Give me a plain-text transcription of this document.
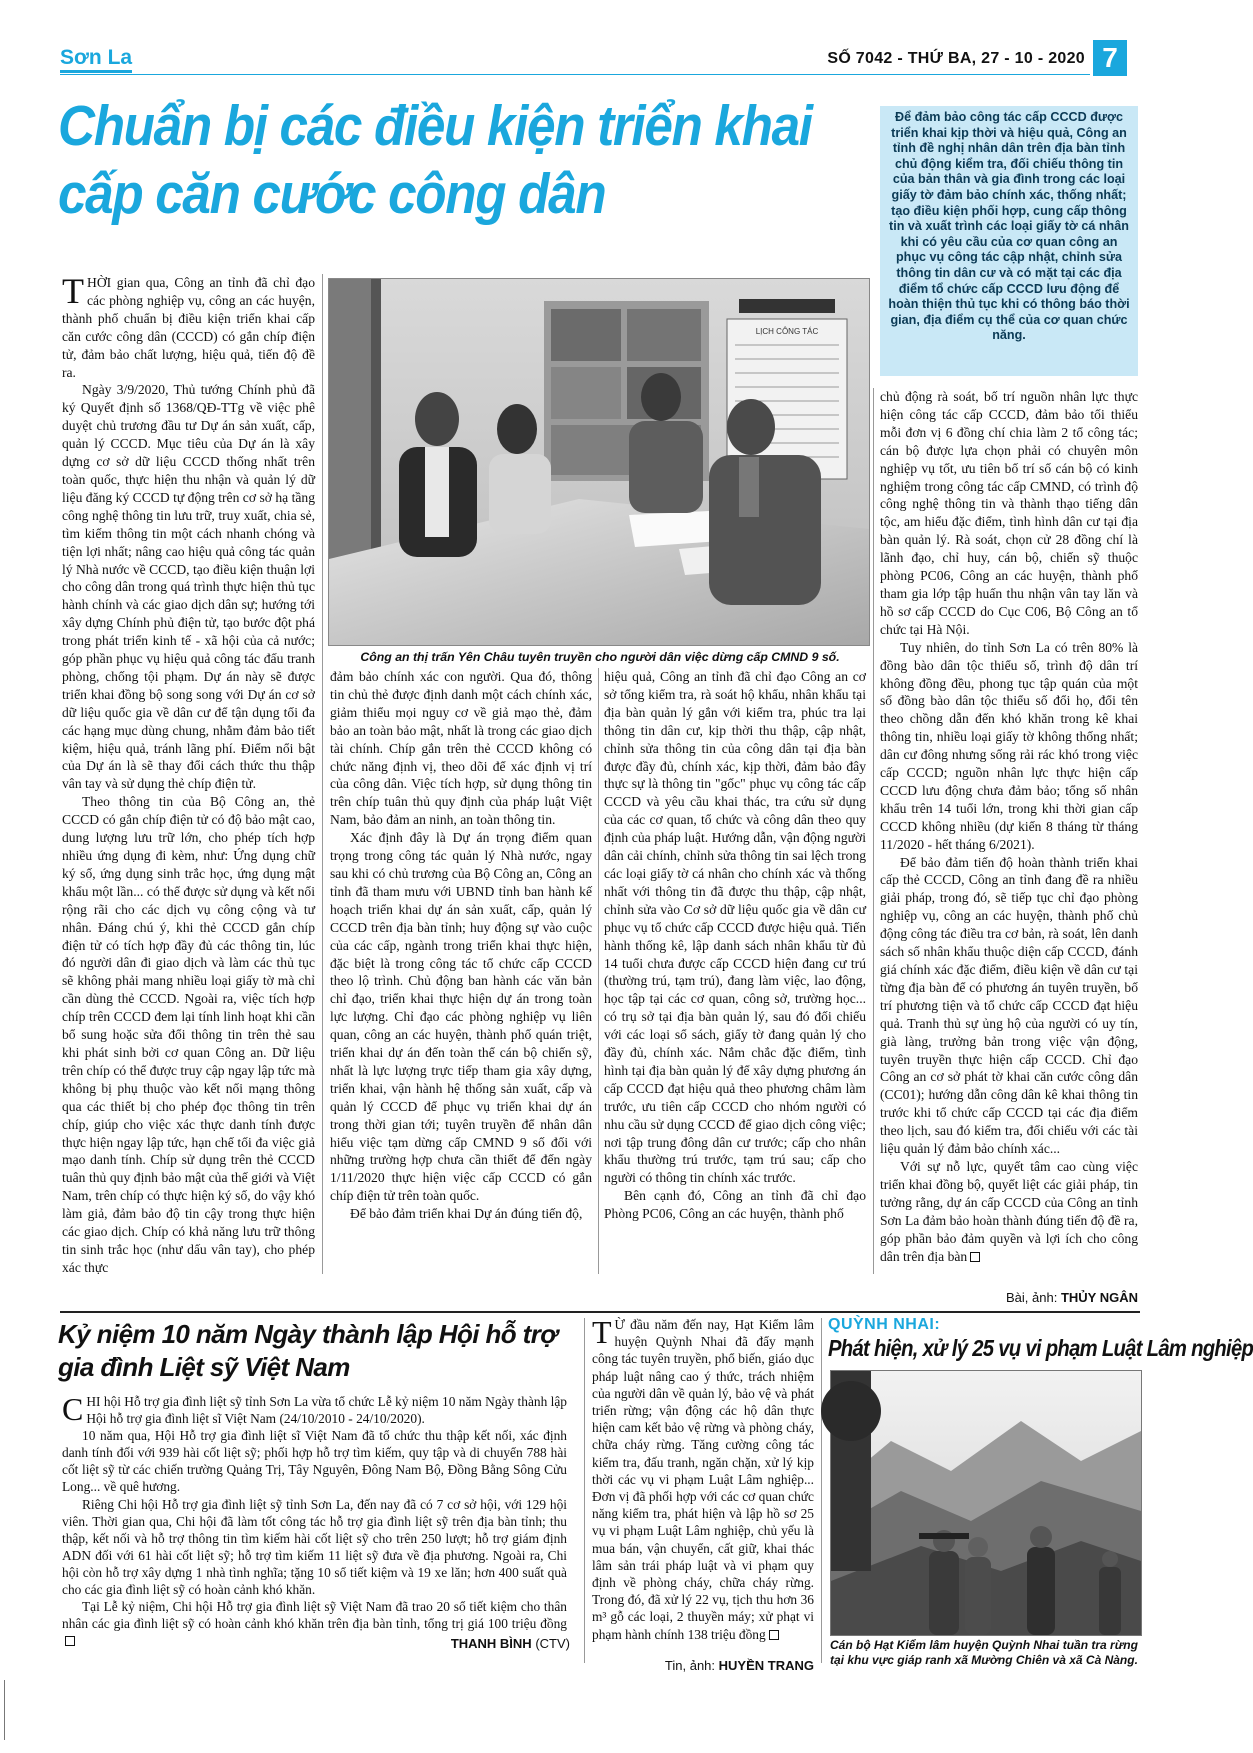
Sơn La	SỐ 7042 - THỨ BA, 27 - 10 - 2020 7
Chuẩn bị các điều kiện triển khai
cấp căn cước công dân
Để đảm bảo công tác cấp CCCD được triển khai kịp thời và hiệu quả, Công an tỉnh đề nghị nhân dân trên địa bàn tỉnh chủ động kiểm tra, đối chiếu thông tin của bản thân và gia đình trong các loại giấy tờ đảm bảo chính xác, thống nhất; tạo điều kiện phối hợp, cung cấp thông tin và xuất trình các loại giấy tờ cá nhân khi có yêu cầu của cơ quan công an phục vụ công tác cập nhật, chỉnh sửa thông tin dân cư và có mặt tại các địa điểm tổ chức cấp CCCD lưu động để hoàn thiện thủ tục khi có thông báo thời gian, địa điểm cụ thể của cơ quan chức năng.
LỊCH CÔNG TÁC
Công an thị trấn Yên Châu tuyên truyền cho người dân việc dừng cấp CMND 9 số.

THỜI gian qua, Công an tỉnh đã chỉ đạo các phòng nghiệp vụ, công an các huyện, thành phố chuẩn bị điều kiện triển khai cấp căn cước công dân (CCCD) có gắn chíp điện tử, đảm bảo chất lượng, hiệu quả, tiến độ đề ra.

Ngày 3/9/2020, Thủ tướng Chính phủ đã ký Quyết định số 1368/QĐ-TTg về việc phê duyệt chủ trương đầu tư Dự án sản xuất, cấp, quản lý CCCD. Mục tiêu của Dự án là xây dựng cơ sở dữ liệu CCCD thống nhất trên toàn quốc, thực hiện thu nhận và quản lý dữ liệu đăng ký CCCD tự động trên cơ sở hạ tầng công nghệ thông tin lưu trữ, truy xuất, chia sẻ, tìm kiếm thông tin một cách nhanh chóng và tiện lợi nhất; nâng cao hiệu quả công tác quản lý Nhà nước về CCCD, tạo điều kiện thuận lợi cho công dân trong quá trình thực hiện thủ tục hành chính và các giao dịch dân sự; hướng tới xây dựng Chính phủ điện tử, tạo bước đột phá trong phát triển kinh tế - xã hội của cả nước; góp phần phục vụ hiệu quả công tác đấu tranh phòng, chống tội phạm. Dự án này sẽ được triển khai đồng bộ song song với Dự án cơ sở dữ liệu quốc gia về dân cư để tận dụng tối đa các hạng mục dùng chung, nhằm đảm bảo tiết kiệm, hiệu quả, tránh lãng phí. Điểm nổi bật của Dự án là sẽ thay đổi cách thức thu thập vân tay và sử dụng thẻ chíp điện tử.

Theo thông tin của Bộ Công an, thẻ CCCD có gắn chíp điện tử có độ bảo mật cao, dung lượng lưu trữ lớn, cho phép tích hợp nhiều ứng dụng đi kèm, như: Ứng dụng chữ ký số, ứng dụng sinh trắc học, ứng dụng mật khẩu một lần... có thể được sử dụng và kết nối rộng rãi cho các dịch vụ công cộng và tư nhân. Đáng chú ý, khi thẻ CCCD gắn chíp điện tử có tích hợp đầy đủ các thông tin, lúc đó người dân đi giao dịch và làm các thủ tục sẽ không phải mang nhiều loại giấy tờ mà chỉ cần dùng thẻ CCCD. Ngoài ra, việc tích hợp chíp trên CCCD đem lại tính linh hoạt khi cần bổ sung hoặc sửa đổi thông tin trên thẻ sau khi phát sinh bởi cơ quan Công an. Dữ liệu trên chíp có thể được truy cập ngay lập tức mà không bị phụ thuộc vào kết nối mạng thông qua các thiết bị cho phép đọc thông tin trên chíp, giúp cho việc xác thực danh tính được thực hiện ngay lập tức, hạn chế tối đa việc giả mạo danh tính. Chíp sử dụng trên thẻ CCCD tuân thủ quy định bảo mật của thế giới và Việt Nam, trên chíp có thực hiện ký số, do vậy khó làm giả, đảm bảo độ tin cậy trong thực hiện các giao dịch. Chíp có khả năng lưu trữ thông tin sinh trắc học (như dấu vân tay), cho phép xác thực

đảm bảo chính xác con người. Qua đó, thông tin chủ thẻ được định danh một cách chính xác, giảm thiểu mọi nguy cơ về giả mạo thẻ, đảm bảo an toàn bảo mật, nhất là trong các giao dịch tài chính. Chíp gắn trên thẻ CCCD không có chức năng định vị, theo dõi để xác định vị trí của công dân. Việc tích hợp, sử dụng thông tin trên chíp tuân thủ quy định của pháp luật Việt Nam, bảo đảm an ninh, an toàn thông tin.

Xác định đây là Dự án trọng điểm quan trọng trong công tác quản lý Nhà nước, ngay sau khi có chủ trương của Bộ Công an, Công an tỉnh đã tham mưu với UBND tỉnh ban hành kế hoạch triển khai dự án sản xuất, cấp, quản lý CCCD trên địa bàn tỉnh; huy động sự vào cuộc của các cấp, ngành trong triển khai thực hiện, đặc biệt là trong công tác tổ chức cấp CCCD theo lộ trình. Chủ động ban hành các văn bản chỉ đạo, triển khai thực hiện dự án trong toàn lực lượng. Chỉ đạo các phòng nghiệp vụ liên quan, công an các huyện, thành phố quán triệt, triển khai dự án đến toàn thể cán bộ chiến sỹ, nhất là lực lượng trực tiếp tham gia xây dựng, triển khai, vận hành hệ thống sản xuất, cấp và quản lý CCCD để phục vụ triển khai dự án trong thời gian tới; tuyên truyền để nhân dân hiểu việc tạm dừng cấp CMND 9 số đối với những trường hợp chưa cần thiết để đến ngày 1/11/2020 thực hiện việc cấp CCCD có gắn chíp điện tử trên toàn quốc.

Để bảo đảm triển khai Dự án đúng tiến độ,

hiệu quả, Công an tỉnh đã chỉ đạo Công an cơ sở tổng kiểm tra, rà soát hộ khẩu, nhân khẩu tại địa bàn quản lý gắn với kiểm tra, phúc tra lại thông tin dân cư, kịp thời thu thập, cập nhật, chỉnh sửa thông tin của công dân tại địa bàn được đầy đủ, chính xác, kịp thời, đảm bảo đây thực sự là thông tin "gốc" phục vụ công tác cấp CCCD và yêu cầu khai thác, tra cứu sử dụng của các cơ quan, tổ chức và công dân theo quy định của pháp luật. Hướng dẫn, vận động người dân cải chính, chỉnh sửa thông tin sai lệch trong các loại giấy tờ cá nhân cho chính xác và thống nhất với thông tin đã được thu thập, cập nhật, chỉnh sửa vào Cơ sở dữ liệu quốc gia về dân cư phục vụ tổ chức cấp CCCD được hiệu quả. Tiến hành thống kê, lập danh sách nhân khẩu từ đủ 14 tuổi chưa được cấp CCCD hiện đang cư trú (thường trú, tạm trú), đang làm việc, lao động, học tập tại các cơ quan, công sở, trường học... có trụ sở tại địa bàn quản lý, sau đó đối chiếu với các loại sổ sách, giấy tờ đang quản lý cho đầy đủ, chính xác. Nắm chắc đặc điểm, tình hình tại địa bàn quản lý để xây dựng phương án cấp CCCD đạt hiệu quả theo phương châm làm trước, ưu tiên cấp CCCD cho nhóm người có nhu cầu sử dụng CCCD để giao dịch công việc; nơi tập trung đông dân cư trước; cấp cho nhân khẩu thường trú trước, tạm trú sau; cấp cho người có thông tin chính xác trước.

Bên cạnh đó, Công an tỉnh đã chỉ đạo Phòng PC06, Công an các huyện, thành phố

chủ động rà soát, bố trí nguồn nhân lực thực hiện công tác cấp CCCD, đảm bảo tối thiểu mỗi đơn vị 6 đồng chí chia làm 2 tổ công tác; cán bộ được lựa chọn phải có chuyên môn nghiệp vụ tốt, ưu tiên bố trí số cán bộ có kinh nghiệm trong công tác cấp CMND, có trình độ công nghệ thông tin và thành thạo tiếng dân tộc, am hiểu đặc điểm, tình hình dân cư tại địa bàn quản lý. Rà soát, chọn cử 28 đồng chí là lãnh đạo, chỉ huy, cán bộ, chiến sỹ thuộc phòng PC06, Công an các huyện, thành phố tham gia lớp tập huấn thu nhận vân tay lăn và hồ sơ cấp CCCD do Cục C06, Bộ Công an tổ chức tại Hà Nội.

Tuy nhiên, do tỉnh Sơn La có trên 80% là đồng bào dân tộc thiểu số, trình độ dân trí không đồng đều, phong tục tập quán của một số đồng bào dân tộc thiểu số đổi họ, đổi tên theo chồng dẫn đến khó khăn trong kê khai thông tin, nhiều loại giấy tờ không thống nhất; dân cư đông nhưng sống rải rác khó trong việc cấp CCCD; nguồn nhân lực thực hiện cấp CCCD lưu động chưa đảm bảo; tổng số nhân khẩu trên 14 tuổi lớn, trong khi thời gian cấp CCCD không nhiều (dự kiến 8 tháng từ tháng 11/2020 - hết tháng 6/2021).

Để bảo đảm tiến độ hoàn thành triển khai cấp thẻ CCCD, Công an tỉnh đang đề ra nhiều giải pháp, trong đó, sẽ tiếp tục chỉ đạo phòng nghiệp vụ, công an các huyện, thành phố chủ động công tác điều tra cơ bản, rà soát, lên danh sách số nhân khẩu thuộc diện cấp CCCD, đánh giá chính xác đặc điểm, điều kiện về dân cư tại từng địa bàn để có phương án tuyên truyền, bố trí phương tiện và tổ chức cấp CCCD đạt hiệu quả. Tranh thủ sự ủng hộ của người có uy tín, già làng, trưởng bản trong việc vận động, tuyên truyền thực hiện cấp CCCD. Chỉ đạo Công an cơ sở phát tờ khai căn cước công dân (CC01); hướng dẫn công dân kê khai thông tin trước khi tổ chức cấp CCCD tại các địa điểm theo lịch, sau đó kiểm tra, đối chiếu với các tài liệu quản lý đảm bảo chính xác...

Với sự nỗ lực, quyết tâm cao cùng việc triển khai đồng bộ, quyết liệt các giải pháp, tin tưởng rằng, dự án cấp CCCD của Công an tỉnh Sơn La đảm bảo hoàn thành đúng tiến độ đề ra, góp phần bảo đảm quyền và lợi ích cho công dân trên địa bàn

Bài, ảnh: THỦY NGÂN
Kỷ niệm 10 năm Ngày thành lập Hội hỗ trợ
gia đình Liệt sỹ Việt Nam

CHI hội Hỗ trợ gia đình liệt sỹ tỉnh Sơn La vừa tổ chức Lễ kỷ niệm 10 năm Ngày thành lập Hội hỗ trợ gia đình liệt sĩ Việt Nam (24/10/2010 - 24/10/2020).

10 năm qua, Hội Hỗ trợ gia đình liệt sĩ Việt Nam đã tổ chức thu thập kết nối, xác định danh tính đối với 939 hài cốt liệt sỹ; phối hợp hỗ trợ tìm kiếm, quy tập và di chuyển 788 hài cốt liệt sỹ từ các chiến trường Quảng Trị, Tây Nguyên, Đông Nam Bộ, Đồng Bằng Sông Cửu Long... về quê hương.

Riêng Chi hội Hỗ trợ gia đình liệt sỹ tỉnh Sơn La, đến nay đã có 7 cơ sở hội, với 129 hội viên. Thời gian qua, Chi hội đã làm tốt công tác hỗ trợ gia đình liệt sỹ trên địa bàn tỉnh; thu thập, kết nối và hỗ trợ thông tin tìm kiếm hài cốt liệt sỹ cho trên 250 lượt; hỗ trợ giám định ADN đối với 61 hài cốt liệt sỹ; hỗ trợ tìm kiếm 11 liệt sỹ đưa về địa phương. Ngoài ra, Chi hội còn hỗ trợ xây dựng 1 nhà tình nghĩa; tặng 10 sổ tiết kiệm và 19 xe lăn; hơn 400 suất quà cho các gia đình liệt sỹ có hoàn cảnh khó khăn.

Tại Lễ kỷ niệm, Chi hội Hỗ trợ gia đình liệt sỹ Việt Nam đã trao 20 sổ tiết kiệm cho thân nhân các gia đình liệt sỹ có hoàn cảnh khó khăn trên địa bàn tỉnh, tổng trị giá 100 triệu đồng

THANH BÌNH (CTV)

T Ừ đầu năm đến nay, Hạt Kiểm lâm huyện Quỳnh Nhai đã đẩy mạnh công tác tuyên truyền, phổ biến, giáo dục pháp luật nâng cao ý thức, trách nhiệm của người dân về quản lý, bảo vệ và phát triển rừng; vận động các hộ dân thực hiện cam kết bảo vệ rừng và phòng cháy, chữa cháy rừng. Tăng cường công tác kiểm tra, đấu tranh, ngăn chặn, xử lý kịp thời các vụ vi phạm Luật Lâm nghiệp... Đơn vị đã phối hợp với các cơ quan chức năng kiểm tra, phát hiện và lập hồ sơ 25 vụ vi phạm Luật Lâm nghiệp, chủ yếu là mua bán, vận chuyển, cất giữ, khai thác lâm sản trái pháp luật và vi phạm quy định về phòng cháy, chữa cháy rừng. Trong đó, đã xử lý 22 vụ, tịch thu hơn 36 m³ gỗ các loại, 2 thuyền máy; xử phạt vi phạm hành chính 138 triệu đồng

Tin, ảnh: HUYỀN TRANG
QUỲNH NHAI:
Phát hiện, xử lý 25 vụ vi phạm Luật Lâm nghiệp
Cán bộ Hạt Kiểm lâm huyện Quỳnh Nhai tuần tra rừng tại khu vực giáp ranh xã Mường Chiên và xã Cà Nàng.
